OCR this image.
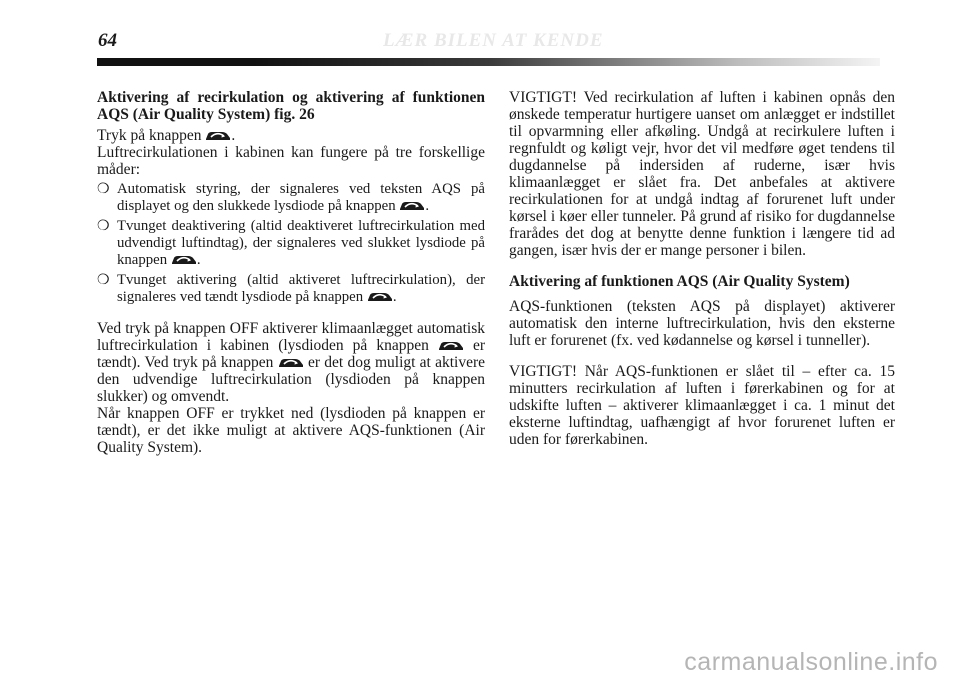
64	LÆR BILEN AT KENDE

Aktivering af recirkulation og aktivering af funktionen AQS (Air Quality System) fig. 26

Tryk på knappen .

Luftrecirkulationen i kabinen kan fungere på tre forskellige måder:

❍ Automatisk styring, der signaleres ved teksten AQS på displayet og den slukkede lysdiode på knappen .
❍ Tvunget deaktivering (altid deaktiveret luftrecirkulation med udvendigt luftindtag), der signaleres ved slukket lysdiode på knappen .
❍ Tvunget aktivering (altid aktiveret luftrecirkulation), der signaleres ved tændt lysdiode på knappen .

Ved tryk på knappen OFF aktiverer klimaanlægget automatisk luftrecirkulation i kabinen (lysdioden på knappen	er tændt). Ved tryk på knappen er det dog muligt at aktivere den udvendige luftrecirkulation (lysdioden på knappen slukker) og omvendt.

Når knappen OFF er trykket ned (lysdioden på knappen er tændt), er det ikke muligt at aktivere AQS-funktionen (Air Quality System).

VIGTIGT! Ved recirkulation af luften i kabinen opnås den ønskede temperatur hurtigere uanset om anlægget er indstillet til opvarmning eller afkøling. Undgå at recirkulere luften i regnfuldt og køligt vejr, hvor det vil medføre øget tendens til dugdannelse på indersiden af ruderne, især hvis klimaanlægget er slået fra. Det anbefales at aktivere recirkulationen for at undgå indtag af forurenet luft under kørsel i køer eller tunneler. På grund af risiko for dugdannelse frarådes det dog at benytte denne funktion i længere tid ad gangen, især hvis der er mange personer i bilen.

Aktivering af funktionen AQS (Air Quality System)

AQS-funktionen (teksten AQS på displayet) aktiverer automatisk den interne luftrecirkulation, hvis den eksterne luft er forurenet (fx. ved kødannelse og kørsel i tunneller).

VIGTIGT! Når AQS-funktionen er slået til – efter ca. 15 minutters recirkulation af luften i førerkabinen og for at udskifte luften – aktiverer klimaanlægget i ca. 1 minut det eksterne luftindtag, uafhængigt af hvor forurenet luften er uden for førerkabinen.

carmanualsonline.info
